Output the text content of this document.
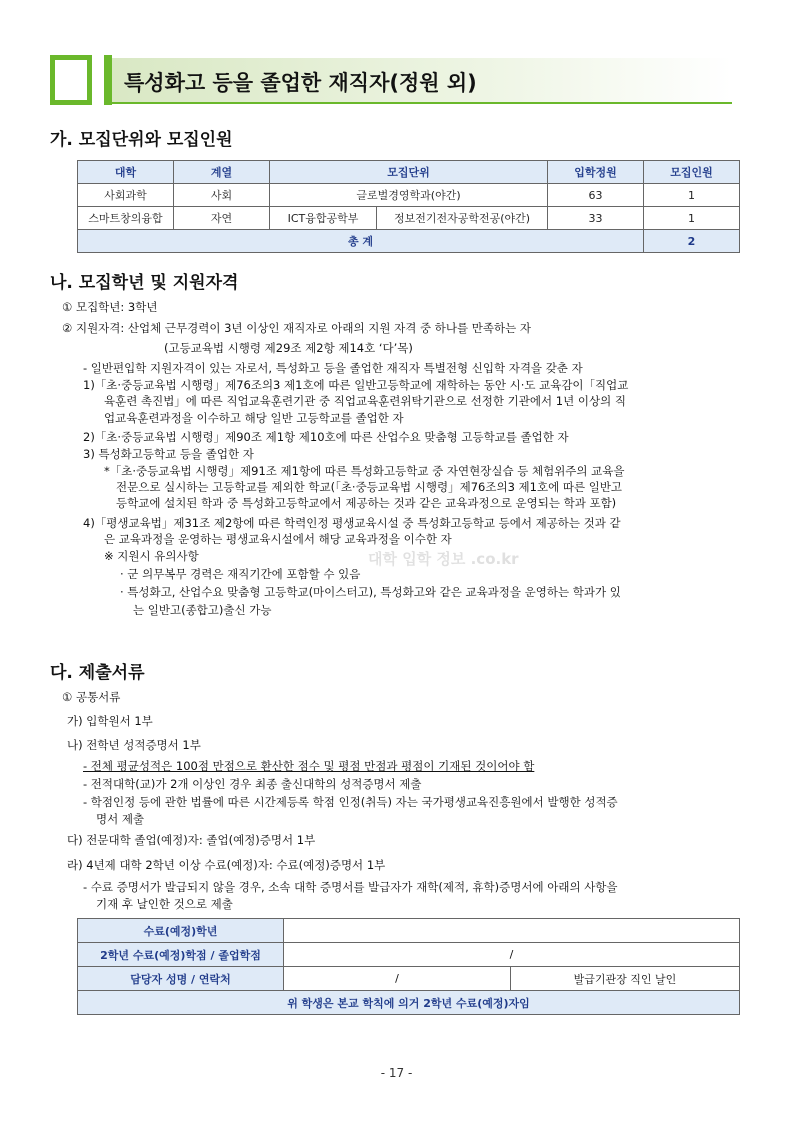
특성화고 등을 졸업한 재직자(정원 외)
가. 모집단위와 모집인원
대학	계열	모집단위		입학정원	모집인원
사회과학	사회	글로벌경영학과(야간)		63	1
스마트창의융합	자연	ICT융합공학부	정보전기전자공학전공(야간)	33	1
총 계					2
나. 모집학년 및 지원자격
① 모집학년: 3학년
② 지원자격: 산업체 근무경력이 3년 이상인 재직자로 아래의 지원 자격 중 하나를 만족하는 자
(고등교육법 시행령 제29조 제2항 제14호 ‘다’목)
- 일반편입학 지원자격이 있는 자로서, 특성화고 등을 졸업한 재직자 특별전형 신입학 자격을 갖춘 자
1)「초·중등교육법 시행령」제76조의3 제1호에 따른 일반고등학교에 재학하는 동안 시·도 교육감이「직업교
육훈련 촉진법」에 따른 직업교육훈련기관 중 직업교육훈련위탁기관으로 선정한 기관에서 1년 이상의 직
업교육훈련과정을 이수하고 해당 일반 고등학교를 졸업한 자
2)「초·중등교육법 시행령」제90조 제1항 제10호에 따른 산업수요 맞춤형 고등학교를 졸업한 자
3) 특성화고등학교 등을 졸업한 자
*「초·중등교육법 시행령」제91조 제1항에 따른 특성화고등학교 중 자연현장실습 등 체험위주의 교육을
전문으로 실시하는 고등학교를 제외한 학교(「초·중등교육법 시행령」제76조의3 제1호에 따른 일반고
등학교에 설치된 학과 중 특성화고등학교에서 제공하는 것과 같은 교육과정으로 운영되는 학과 포함)
4)「평생교육법」제31조 제2항에 따른 학력인정 평생교육시설 중 특성화고등학교 등에서 제공하는 것과 같
은 교육과정을 운영하는 평생교육시설에서 해당 교육과정을 이수한 자
※ 지원시 유의사항
· 군 의무복무 경력은 재직기간에 포함할 수 있음
· 특성화고, 산업수요 맞춤형 고등학교(마이스터고), 특성화고와 같은 교육과정을 운영하는 학과가 있
는 일반고(종합고)출신 가능
대학 입학 정보 .co.kr
다. 제출서류
① 공통서류
가) 입학원서 1부
나) 전학년 성적증명서 1부
- 전체 평균성적은 100점 만점으로 환산한 점수 및 평점 만점과 평점이 기재된 것이어야 함
- 전적대학(교)가 2개 이상인 경우 최종 출신대학의 성적증명서 제출
- 학점인정 등에 관한 법률에 따른 시간제등록 학점 인정(취득) 자는 국가평생교육진흥원에서 발행한 성적증
명서 제출
다) 전문대학 졸업(예정)자: 졸업(예정)증명서 1부
라) 4년제 대학 2학년 이상 수료(예정)자: 수료(예정)증명서 1부
- 수료 증명서가 발급되지 않을 경우, 소속 대학 증명서를 발급자가 재학(제적, 휴학)증명서에 아래의 사항을
기재 후 날인한 것으로 제출
수료(예정)학년		
2학년 수료(예정)학점 / 졸업학점	/	
담당자 성명 / 연락처	/	발급기관장 직인 날인
위 학생은 본교 학칙에 의거 2학년 수료(예정)자임		
- 17 -
